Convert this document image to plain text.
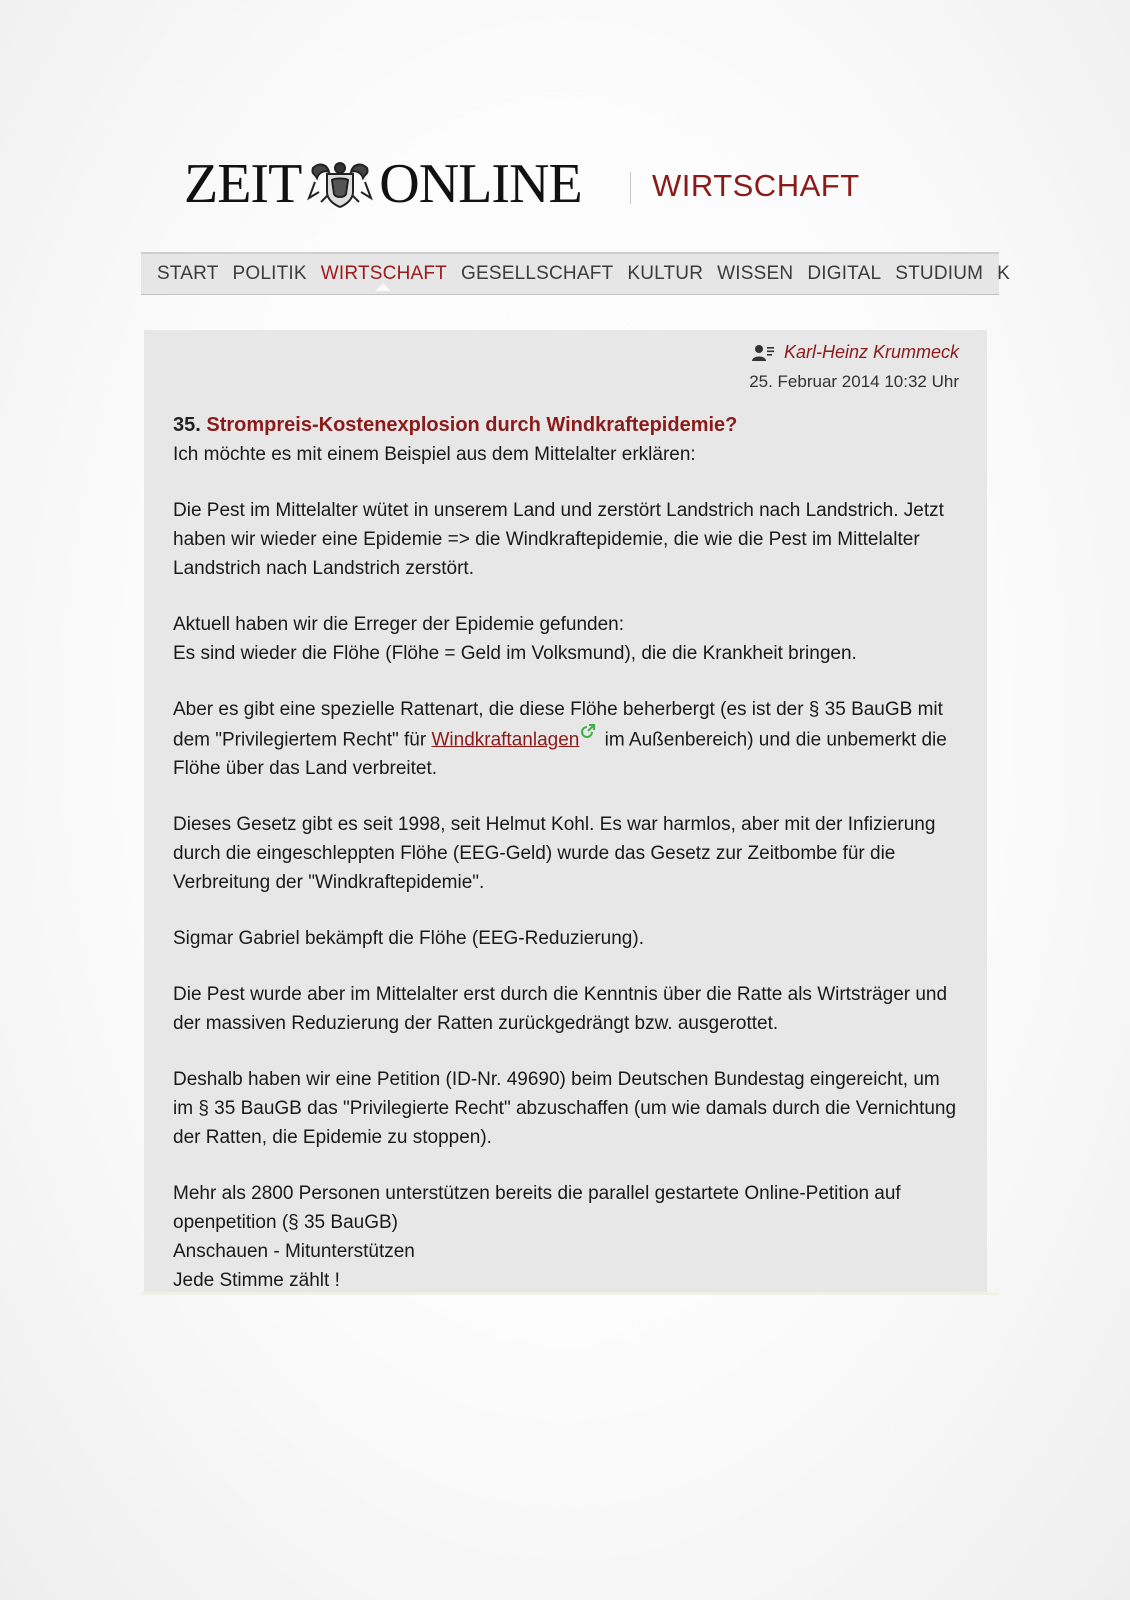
ZEIT ONLINE WIRTSCHAFT
START POLITIK WIRTSCHAFT GESELLSCHAFT KULTUR WISSEN DIGITAL STUDIUM K
Karl-Heinz Krummeck
25. Februar 2014 10:32 Uhr

35. Strompreis-Kostenexplosion durch Windkraftepidemie?

Ich möchte es mit einem Beispiel aus dem Mittelalter erklären:

Die Pest im Mittelalter wütet in unserem Land und zerstört Landstrich nach Landstrich. Jetzt haben wir wieder eine Epidemie => die Windkraftepidemie, die wie die Pest im Mittelalter Landstrich nach Landstrich zerstört.

Aktuell haben wir die Erreger der Epidemie gefunden:
Es sind wieder die Flöhe (Flöhe = Geld im Volksmund), die die Krankheit bringen.

Aber es gibt eine spezielle Rattenart, die diese Flöhe beherbergt (es ist der § 35 BauGB mit dem "Privilegiertem Recht" für Windkraftanlagen im Außenbereich) und die unbemerkt die Flöhe über das Land verbreitet.

Dieses Gesetz gibt es seit 1998, seit Helmut Kohl. Es war harmlos, aber mit der Infizierung durch die eingeschleppten Flöhe (EEG-Geld) wurde das Gesetz zur Zeitbombe für die Verbreitung der "Windkraftepidemie".

Sigmar Gabriel bekämpft die Flöhe (EEG-Reduzierung).

Die Pest wurde aber im Mittelalter erst durch die Kenntnis über die Ratte als Wirtsträger und der massiven Reduzierung der Ratten zurückgedrängt bzw. ausgerottet.

Deshalb haben wir eine Petition (ID-Nr. 49690) beim Deutschen Bundestag eingereicht, um im § 35 BauGB das "Privilegierte Recht" abzuschaffen (um wie damals durch die Vernichtung der Ratten, die Epidemie zu stoppen).

Mehr als 2800 Personen unterstützen bereits die parallel gestartete Online-Petition auf openpetition (§ 35 BauGB)
Anschauen - Mitunterstützen
Jede Stimme zählt !
